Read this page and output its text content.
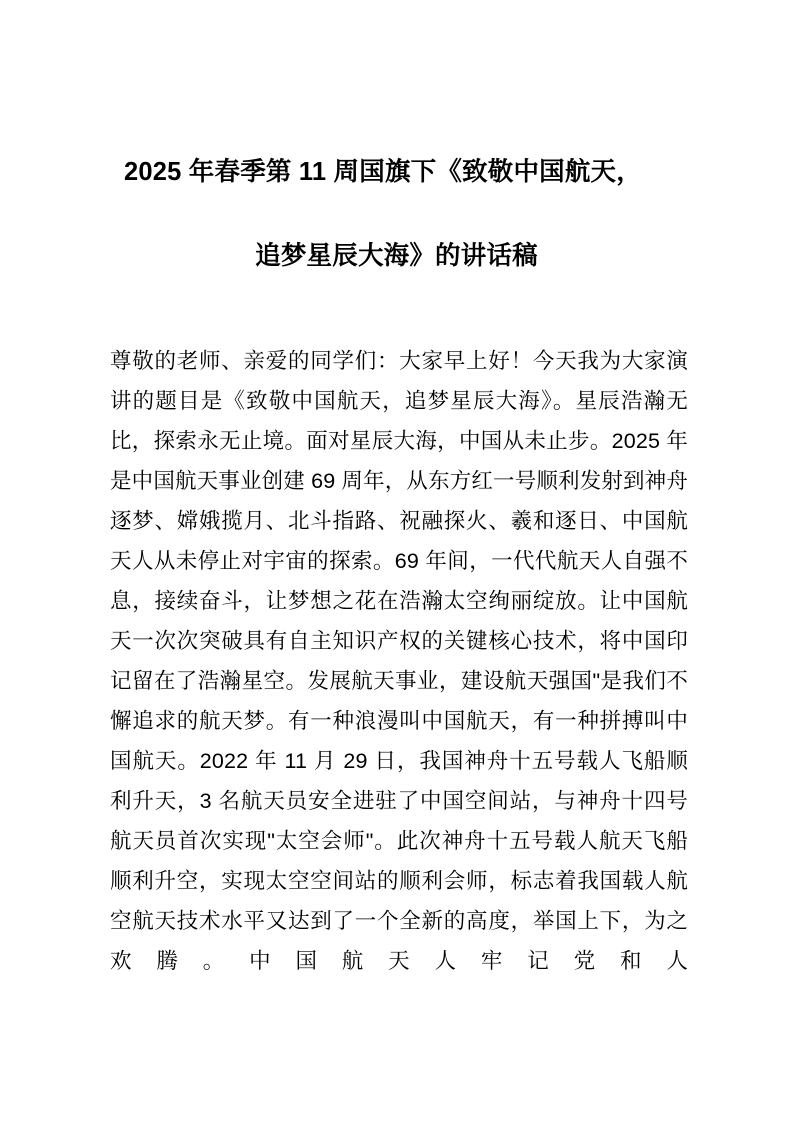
2025 年春季第 11 周国旗下《致敬中国航天，
追梦星辰大海》的讲话稿

尊敬的老师、亲爱的同学们：大家早上好！今天我为大家演讲的题目是《致敬中国航天，追梦星辰大海》。星辰浩瀚无比，探索永无止境。面对星辰大海，中国从未止步。2025 年是中国航天事业创建 69 周年，从东方红一号顺利发射到神舟逐梦、嫦娥揽月、北斗指路、祝融探火、羲和逐日、中国航天人从未停止对宇宙的探索。69 年间，一代代航天人自强不息，接续奋斗，让梦想之花在浩瀚太空绚丽绽放。让中国航天一次次突破具有自主知识产权的关键核心技术，将中国印记留在了浩瀚星空。发展航天事业，建设航天强国"是我们不懈追求的航天梦。有一种浪漫叫中国航天，有一种拼搏叫中国航天。2022 年 11 月 29 日，我国神舟十五号载人飞船顺利升天，3 名航天员安全进驻了中国空间站，与神舟十四号航天员首次实现"太空会师"。此次神舟十五号载人航天飞船顺利升空，实现太空空间站的顺利会师，标志着我国载人航空航天技术水平又达到了一个全新的高度，举国上下，为之欢腾。中国航天人牢记党和人
